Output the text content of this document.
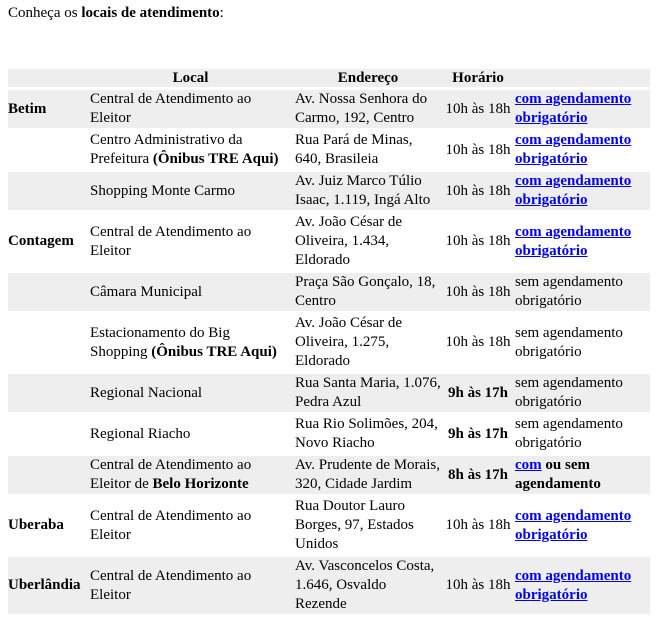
Conheça os locais de atendimento:
	Local	Endereço	Horário	
Betim	Central de Atendimento ao Eleitor	Av. Nossa Senhora do Carmo, 192, Centro	10h às 18h	com agendamento obrigatório
	Centro Administrativo da Prefeitura (Ônibus TRE Aqui)	Rua Pará de Minas, 640, Brasileia	10h às 18h	com agendamento obrigatório
	Shopping Monte Carmo	Av. Juiz Marco Túlio Isaac, 1.119, Ingá Alto	10h às 18h	com agendamento obrigatório
Contagem	Central de Atendimento ao Eleitor	Av. João César de Oliveira, 1.434, Eldorado	10h às 18h	com agendamento obrigatório
	Câmara Municipal	Praça São Gonçalo, 18, Centro	10h às 18h	sem agendamento obrigatório
	Estacionamento do Big Shopping (Ônibus TRE Aqui)	Av. João César de Oliveira, 1.275, Eldorado	10h às 18h	sem agendamento obrigatório
	Regional Nacional	Rua Santa Maria, 1.076, Pedra Azul	9h às 17h	sem agendamento obrigatório
	Regional Riacho	Rua Rio Solimões, 204, Novo Riacho	9h às 17h	sem agendamento obrigatório
	Central de Atendimento ao Eleitor de Belo Horizonte	Av. Prudente de Morais, 320, Cidade Jardim	8h às 17h	com ou sem agendamento
Uberaba	Central de Atendimento ao Eleitor	Rua Doutor Lauro Borges, 97, Estados Unidos	10h às 18h	com agendamento obrigatório
Uberlândia	Central de Atendimento ao Eleitor	Av. Vasconcelos Costa, 1.646, Osvaldo Rezende	10h às 18h	com agendamento obrigatório
